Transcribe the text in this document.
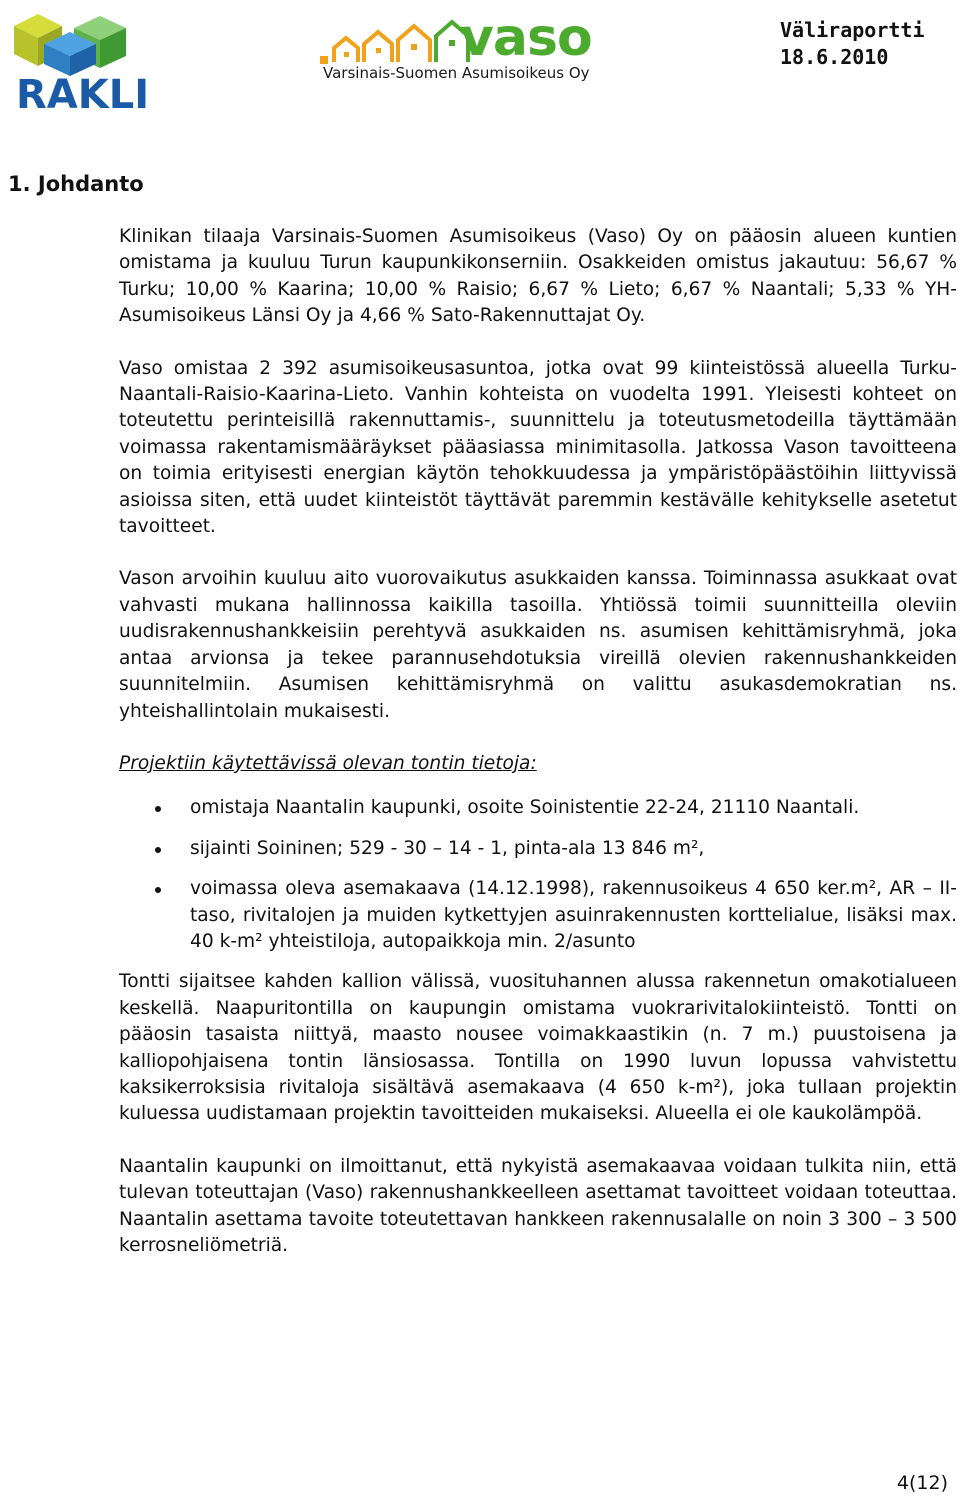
RAKLI
vaso
Varsinais-Suomen Asumisoikeus Oy
Väliraportti
18.6.2010
1. Johdanto

Klinikan tilaaja Varsinais-Suomen Asumisoikeus (Vaso) Oy on pääosin alueen kuntien omistama ja kuuluu Turun kaupunkikonserniin. Osakkeiden omistus jakautuu: 56,67 % Turku; 10,00 % Kaarina; 10,00 % Raisio; 6,67 % Lieto; 6,67 % Naantali; 5,33 % YH-Asumisoikeus Länsi Oy ja 4,66 % Sato-Rakennuttajat Oy.

Vaso omistaa 2 392 asumisoikeusasuntoa, jotka ovat 99 kiinteistössä alueella Turku-Naantali-Raisio-Kaarina-Lieto. Vanhin kohteista on vuodelta 1991. Yleisesti kohteet on toteutettu perinteisillä rakennuttamis-, suunnittelu ja toteutusmetodeilla täyttämään voimassa rakentamismääräykset pääasiassa minimitasolla. Jatkossa Vason tavoitteena on toimia erityisesti energian käytön tehokkuudessa ja ympäristöpäästöihin liittyvissä asioissa siten, että uudet kiinteistöt täyttävät paremmin kestävälle kehitykselle asetetut tavoitteet.

Vason arvoihin kuuluu aito vuorovaikutus asukkaiden kanssa. Toiminnassa asukkaat ovat vahvasti mukana hallinnossa kaikilla tasoilla. Yhtiössä toimii suunnitteilla oleviin uudisrakennushankkeisiin perehtyvä asukkaiden ns. asumisen kehittämisryhmä, joka antaa arvionsa ja tekee parannusehdotuksia vireillä olevien rakennushankkeiden suunnitelmiin. Asumisen kehittämisryhmä on valittu asukasdemokratian ns. yhteishallintolain mukaisesti.

Projektiin käytettävissä olevan tontin tietoja:

omistaja Naantalin kaupunki, osoite Soinistentie 22-24, 21110 Naantali.
sijainti Soininen; 529 - 30 – 14 - 1, pinta-ala 13 846 m²,
voimassa oleva asemakaava (14.12.1998), rakennusoikeus 4 650 ker.m², AR – II-taso, rivitalojen ja muiden kytkettyjen asuinrakennusten korttelialue, lisäksi max. 40 k-m² yhteistiloja, autopaikkoja min. 2/asunto

Tontti sijaitsee kahden kallion välissä, vuosituhannen alussa rakennetun omakotialueen keskellä. Naapuritontilla on kaupungin omistama vuokrarivitalokiinteistö. Tontti on pääosin tasaista niittyä, maasto nousee voimakkaastikin (n. 7 m.) puustoisena ja kalliopohjaisena tontin länsiosassa. Tontilla on 1990 luvun lopussa vahvistettu kaksikerroksisia rivitaloja sisältävä asemakaava (4 650 k-m²), joka tullaan projektin kuluessa uudistamaan projektin tavoitteiden mukaiseksi. Alueella ei ole kaukolämpöä.

Naantalin kaupunki on ilmoittanut, että nykyistä asemakaavaa voidaan tulkita niin, että tulevan toteuttajan (Vaso) rakennushankkeelleen asettamat tavoitteet voidaan toteuttaa. Naantalin asettama tavoite toteutettavan hankkeen rakennusalalle on noin 3 300 – 3 500 kerrosneliömetriä.

4(12)
